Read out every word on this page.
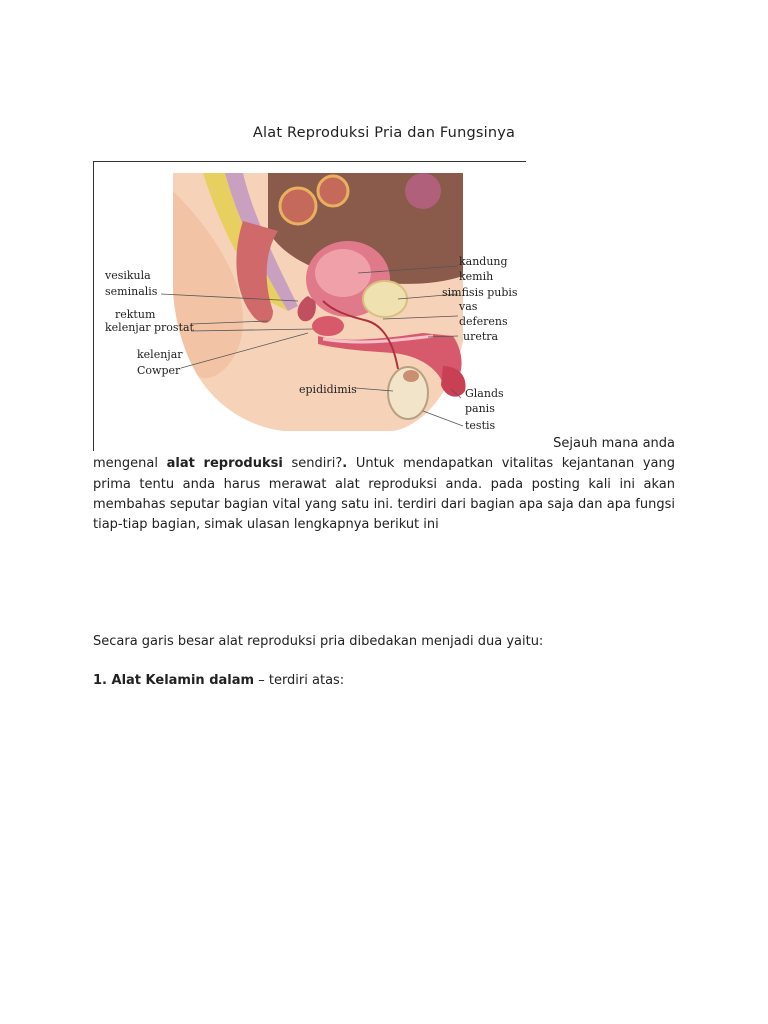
Alat Reproduksi Pria dan Fungsinya
vesikula
seminalis
rektum
kelenjar prostat
kelenjar
Cowper
epididimis
kandung
kemih
simfisis pubis
vas
deferens
uretra
Glands
panis
testis
Sejauh mana anda
mengenal alat reproduksi sendiri?. Untuk mendapatkan vitalitas kejantanan yang prima tentu anda harus merawat alat reproduksi anda. pada posting kali ini akan membahas seputar bagian vital yang satu ini. terdiri dari bagian apa saja dan apa fungsi tiap-tiap bagian, simak ulasan lengkapnya berikut ini
Secara garis besar alat reproduksi pria dibedakan menjadi dua yaitu:
1. Alat Kelamin dalam – terdiri atas:
